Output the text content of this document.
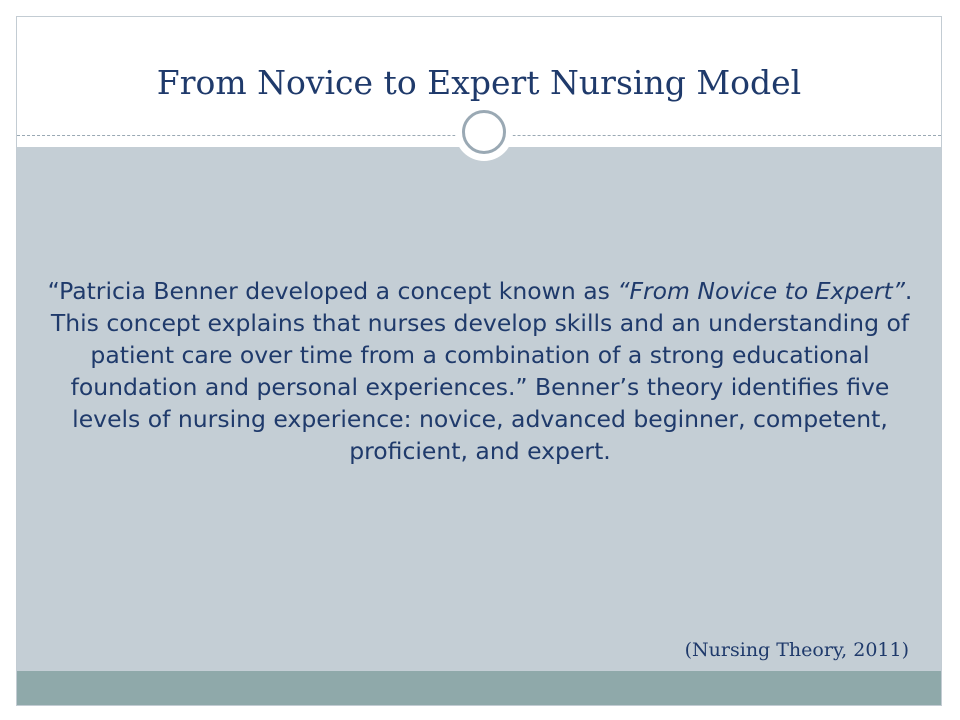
From Novice to Expert Nursing Model

“Patricia Benner developed a concept known as “From Novice to Expert”. This concept explains that nurses develop skills and an understanding of patient care over time from a combination of a strong educational foundation and personal experiences.” Benner’s theory identifies five levels of nursing experience: novice, advanced beginner, competent, proficient, and expert.

(Nursing Theory, 2011)
